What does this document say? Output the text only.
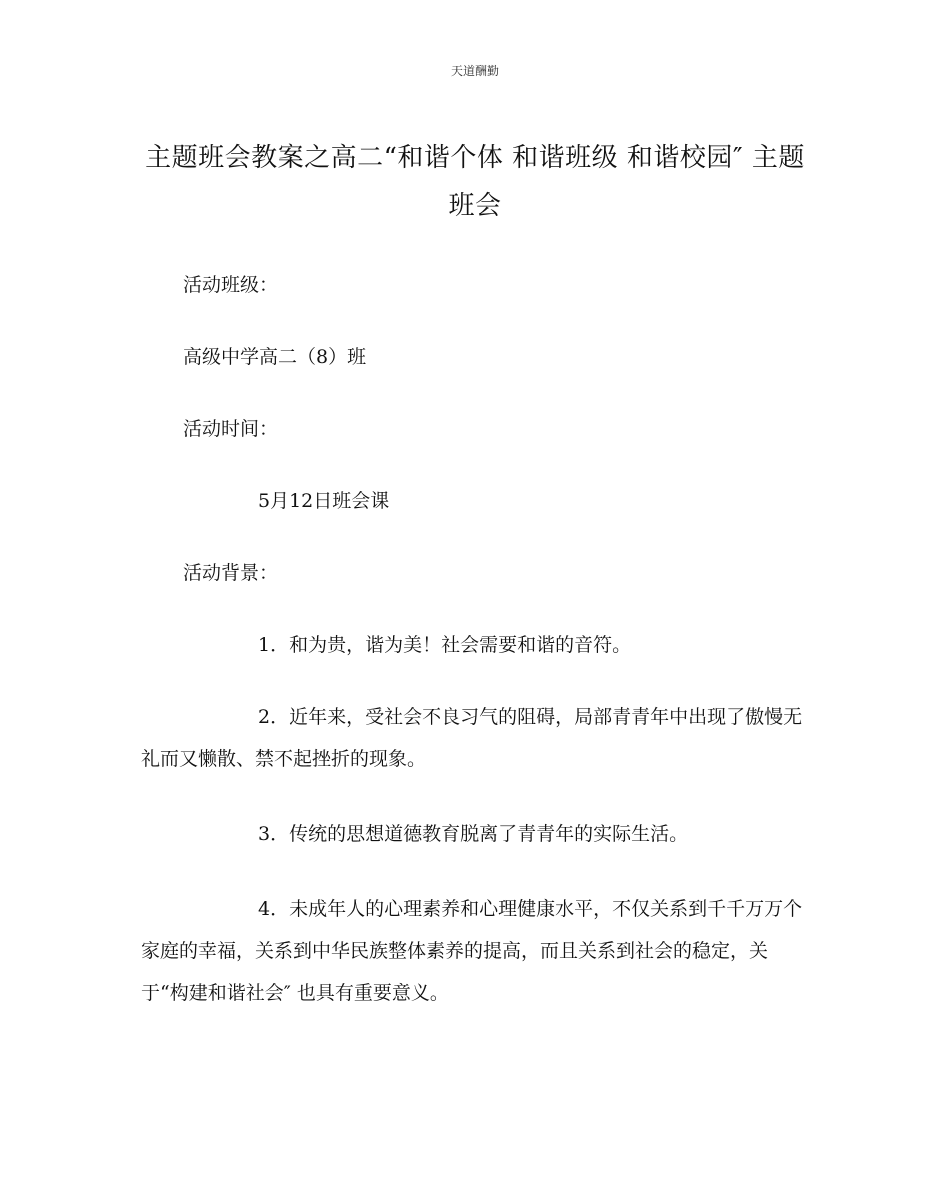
天道酬勤
主题班会教案之高二“和谐个体 和谐班级 和谐校园″ 主题班会

活动班级：

高级中学高二（8）班

活动时间：

5月12日班会课

活动背景：

1．和为贵，谐为美！社会需要和谐的音符。

2．近年来，受社会不良习气的阻碍，局部青青年中出现了傲慢无礼而又懒散、禁不起挫折的现象。

3．传统的思想道德教育脱离了青青年的实际生活。

4．未成年人的心理素养和心理健康水平，不仅关系到千千万万个家庭的幸福，关系到中华民族整体素养的提高，而且关系到社会的稳定，关于“构建和谐社会″ 也具有重要意义。
